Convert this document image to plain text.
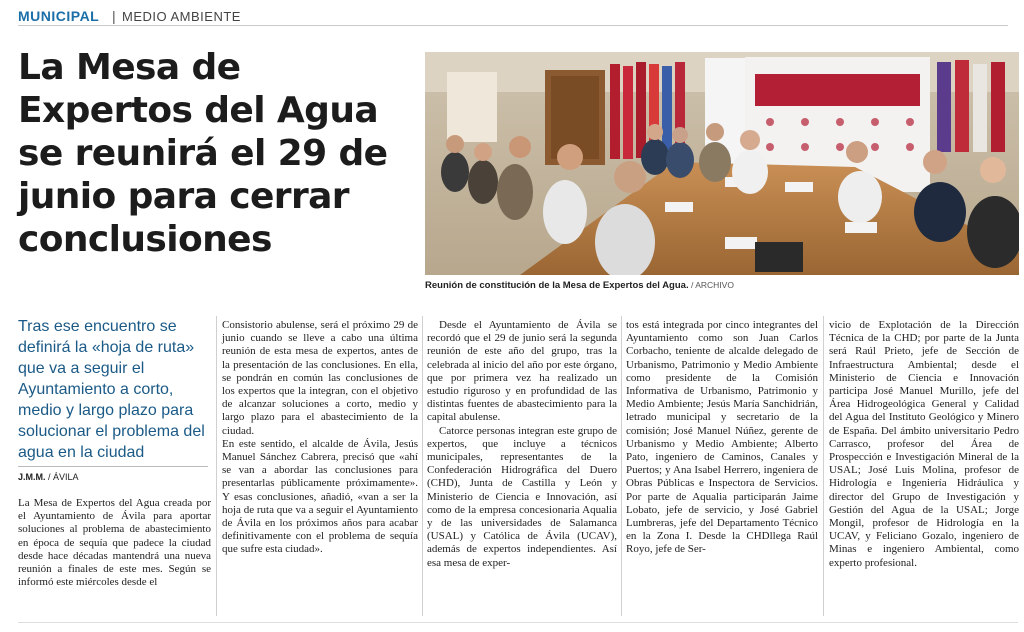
MUNICIPAL | MEDIO AMBIENTE
La Mesa de Expertos del Agua se reunirá el 29 de junio para cerrar conclusiones
Reunión de constitución de la Mesa de Expertos del Agua. / ARCHIVO
Tras ese encuentro se definirá la «hoja de ruta» que va a seguir el Ayuntamiento a corto, medio y largo plazo para solucionar el problema del agua en la ciudad
J.M.M. / ÁVILA

La Mesa de Expertos del Agua creada por el Ayuntamiento de Ávila para aportar soluciones al problema de abastecimiento en época de sequía que padece la ciudad desde hace décadas mantendrá una nueva reunión a finales de este mes. Según se informó este miércoles desde el

Consistorio abulense, será el próximo 29 de junio cuando se lleve a cabo una última reunión de esta mesa de expertos, antes de la presentación de las conclusiones. En ella, se pondrán en común las conclusiones de los expertos que la integran, con el objetivo de alcanzar soluciones a corto, medio y largo plazo para el abastecimiento de la ciudad.

En este sentido, el alcalde de Ávila, Jesús Manuel Sánchez Cabrera, precisó que «ahí se van a abordar las conclusiones para presentarlas públicamente próximamente». Y esas conclusiones, añadió, «van a ser la hoja de ruta que va a seguir el Ayuntamiento de Ávila en los próximos años para acabar definitivamente con el problema de sequía que sufre esta ciudad».

Desde el Ayuntamiento de Ávila se recordó que el 29 de junio será la segunda reunión de este año del grupo, tras la celebrada al inicio del año por este órgano, que por primera vez ha realizado un estudio riguroso y en profundidad de las distintas fuentes de abastecimiento para la capital abulense.

Catorce personas integran este grupo de expertos, que incluye a técnicos municipales, representantes de la Confederación Hidrográfica del Duero (CHD), Junta de Castilla y León y Ministerio de Ciencia e Innovación, así como de la empresa concesionaria Aqualia y de las universidades de Salamanca (USAL) y Católica de Ávila (UCAV), además de expertos independientes. Así esa mesa de exper-

tos está integrada por cinco integrantes del Ayuntamiento como son Juan Carlos Corbacho, teniente de alcalde delegado de Urbanismo, Patrimonio y Medio Ambiente como presidente de la Comisión Informativa de Urbanismo, Patrimonio y Medio Ambiente; Jesús María Sanchidrián, letrado municipal y secretario de la comisión; José Manuel Núñez, gerente de Urbanismo y Medio Ambiente; Alberto Pato, ingeniero de Caminos, Canales y Puertos; y Ana Isabel Herrero, ingeniera de Obras Públicas e Inspectora de Servicios. Por parte de Aqualia participarán Jaime Lobato, jefe de servicio, y José Gabriel Lumbreras, jefe del Departamento Técnico en la Zona I. Desde la CHDllega Raúl Royo, jefe de Ser-

vicio de Explotación de la Dirección Técnica de la CHD; por parte de la Junta será Raúl Prieto, jefe de Sección de Infraestructura Ambiental; desde el Ministerio de Ciencia e Innovación participa José Manuel Murillo, jefe del Área Hidrogeológica General y Calidad del Agua del Instituto Geológico y Minero de España. Del ámbito universitario Pedro Carrasco, profesor del Área de Prospección e Investigación Mineral de la USAL; José Luis Molina, profesor de Hidrología e Ingeniería Hidráulica y director del Grupo de Investigación y Gestión del Agua de la USAL; Jorge Mongil, profesor de Hidrología en la UCAV, y Feliciano Gozalo, ingeniero de Minas e ingeniero Ambiental, como experto profesional.
